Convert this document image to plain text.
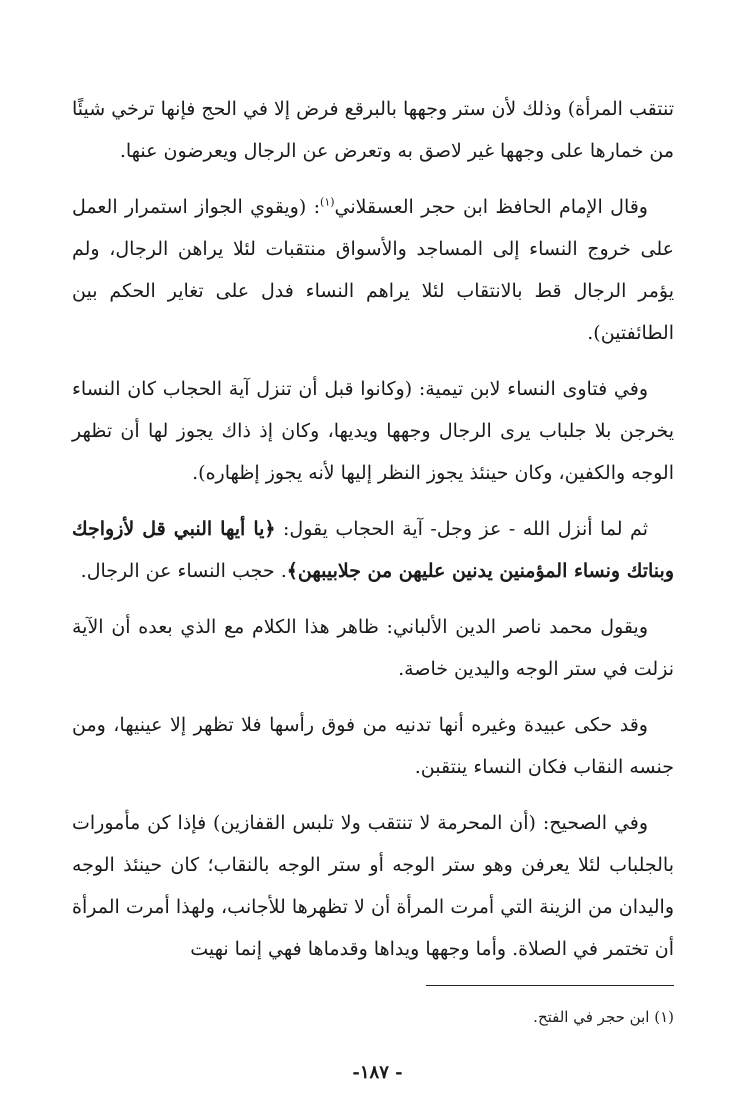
تنتقب المرأة) وذلك لأن ستر وجهها بالبرقع فرض إلا في الحج فإنها ترخي شيئًا من خمارها على وجهها غير لاصق به وتعرض عن الرجال ويعرضون عنها.

وقال الإمام الحافظ ابن حجر العسقلاني$^{(١)}$: (ويقوي الجواز استمرار العمل على خروج النساء إلى المساجد والأسواق منتقبات لئلا يراهن الرجال، ولم يؤمر الرجال قط بالانتقاب لئلا يراهم النساء فدل على تغاير الحكم بين الطائفتين).

وفي فتاوى النساء لابن تيمية: (وكانوا قبل أن تنزل آية الحجاب كان النساء يخرجن بلا جلباب يرى الرجال وجهها ويديها، وكان إذ ذاك يجوز لها أن تظهر الوجه والكفين، وكان حينئذ يجوز النظر إليها لأنه يجوز إظهاره).

ثم لما أنزل الله - عز وجل- آية الحجاب يقول: ﴿يا أيها النبي قل لأزواجك وبناتك ونساء المؤمنين يدنين عليهن من جلابيبهن﴾. حجب النساء عن الرجال.

ويقول محمد ناصر الدين الألباني: ظاهر هذا الكلام مع الذي بعده أن الآية نزلت في ستر الوجه واليدين خاصة.

وقد حكى عبيدة وغيره أنها تدنيه من فوق رأسها فلا تظهر إلا عينيها، ومن جنسه النقاب فكان النساء ينتقبن.

وفي الصحيح: (أن المحرمة لا تنتقب ولا تلبس القفازين) فإذا كن مأمورات بالجلباب لئلا يعرفن وهو ستر الوجه أو ستر الوجه بالنقاب؛ كان حينئذ الوجه واليدان من الزينة التي أمرت المرأة أن لا تظهرها للأجانب، ولهذا أمرت المرأة أن تختمر في الصلاة. وأما وجهها ويداها وقدماها فهي إنما نهيت

(١) ابن حجر في الفتح.
- ١٨٧-
